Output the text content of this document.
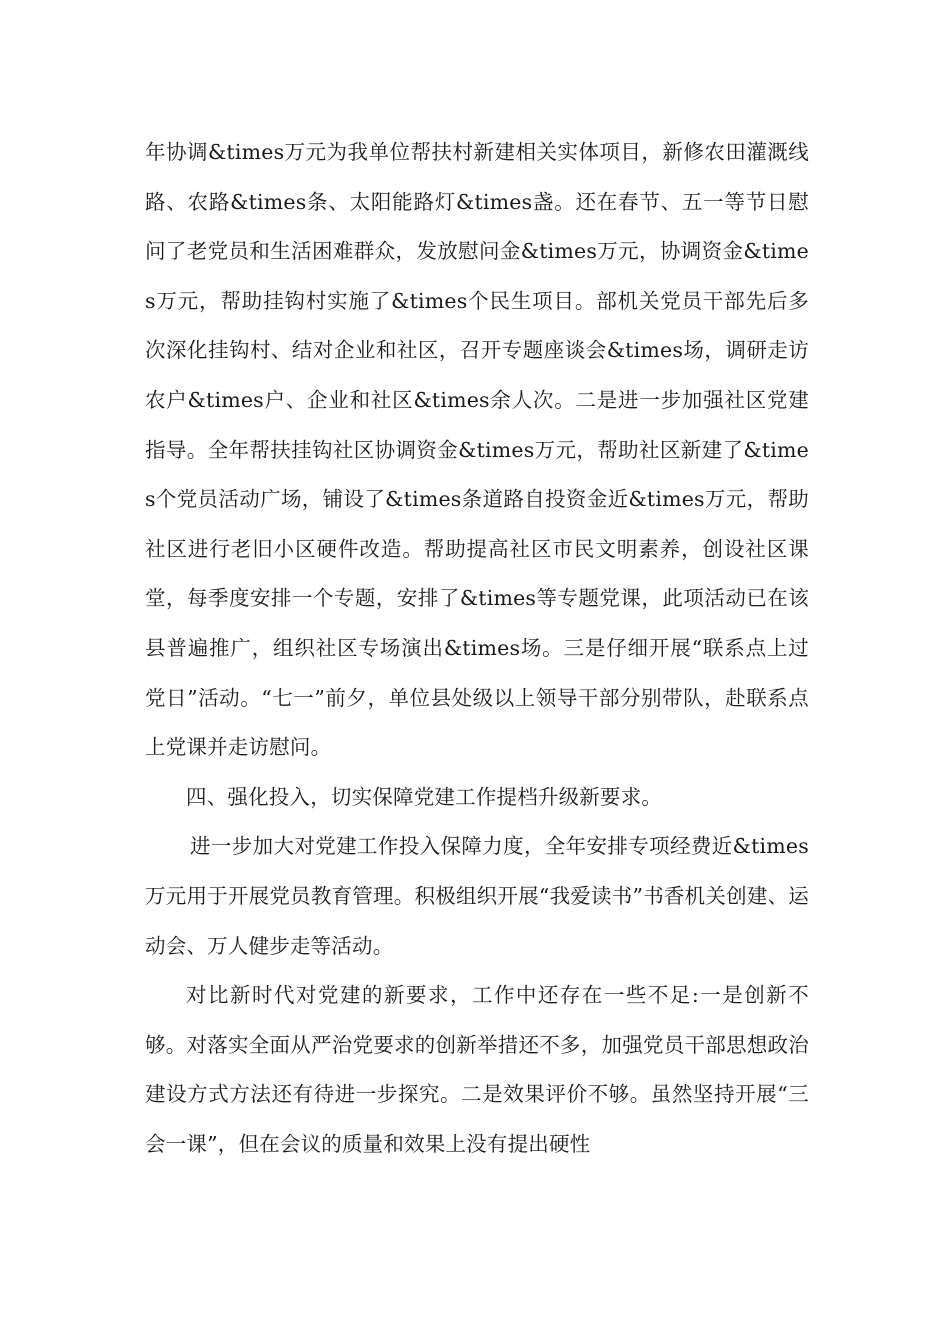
年协调&times万元为我单位帮扶村新建相关实体项目，新修农田灌溉线路、农路&times条、太阳能路灯&times盏。还在春节、五一等节日慰问了老党员和生活困难群众，发放慰问金&times万元，协调资金&times万元，帮助挂钩村实施了&times个民生项目。部机关党员干部先后多次深化挂钩村、结对企业和社区，召开专题座谈会&times场，调研走访农户&times户、企业和社区&times余人次。二是进一步加强社区党建指导。全年帮扶挂钩社区协调资金&times万元，帮助社区新建了&times个党员活动广场，铺设了&times条道路自投资金近&times万元，帮助社区进行老旧小区硬件改造。帮助提高社区市民文明素养，创设社区课堂，每季度安排一个专题，安排了&times等专题党课，此项活动已在该县普遍推广，组织社区专场演出&times场。三是仔细开展“联系点上过党日”活动。“七一”前夕，单位县处级以上领导干部分别带队，赴联系点上党课并走访慰问。

四、强化投入，切实保障党建工作提档升级新要求。

进一步加大对党建工作投入保障力度，全年安排专项经费近&times万元用于开展党员教育管理。积极组织开展“我爱读书”书香机关创建、运动会、万人健步走等活动。

对比新时代对党建的新要求，工作中还存在一些不足:一是创新不够。对落实全面从严治党要求的创新举措还不多，加强党员干部思想政治建设方式方法还有待进一步探究。二是效果评价不够。虽然坚持开展“三会一课”，但在会议的质量和效果上没有提出硬性
